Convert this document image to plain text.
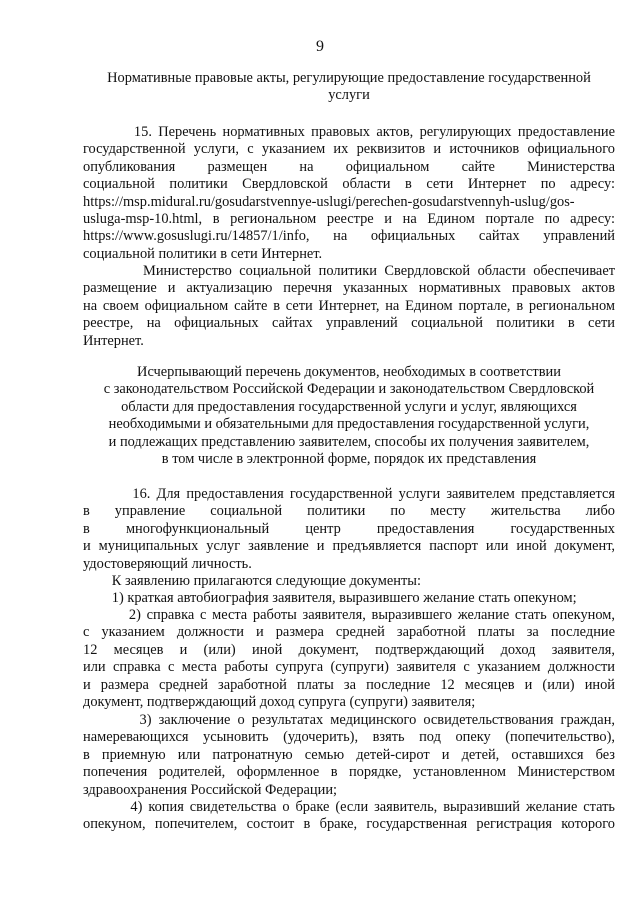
9
Нормативные правовые акты, регулирующие предоставление государственной
услуги
15. Перечень нормативных правовых актов, регулирующих предоставление
государственной услуги, с указанием их реквизитов и источников официального
опубликования размещен на официальном сайте Министерства
социальной политики Свердловской области в сети Интернет по адресу:
https://msp.midural.ru/gosudarstvennye-uslugi/perechen-gosudarstvennyh-uslug/gos-
usluga-msp-10.html, в региональном реестре и на Едином портале по адресу:
https://www.gosuslugi.ru/14857/1/info, на официальных сайтах управлений
социальной политики в сети Интернет.
Министерство социальной политики Свердловской области обеспечивает
размещение и актуализацию перечня указанных нормативных правовых актов
на своем официальном сайте в сети Интернет, на Едином портале, в региональном
реестре, на официальных сайтах управлений социальной политики в сети
Интернет.
Исчерпывающий перечень документов, необходимых в соответствии
с законодательством Российской Федерации и законодательством Свердловской
области для предоставления государственной услуги и услуг, являющихся
необходимыми и обязательными для предоставления государственной услуги,
и подлежащих представлению заявителем, способы их получения заявителем,
в том числе в электронной форме, порядок их представления
16. Для предоставления государственной услуги заявителем представляется
в управление социальной политики по месту жительства либо
в многофункциональный центр предоставления государственных
и муниципальных услуг заявление и предъявляется паспорт или иной документ,
удостоверяющий личность.
К заявлению прилагаются следующие документы:
1) краткая автобиография заявителя, выразившего желание стать опекуном;
2) справка с места работы заявителя, выразившего желание стать опекуном,
с указанием должности и размера средней заработной платы за последние
12 месяцев и (или) иной документ, подтверждающий доход заявителя,
или справка с места работы супруга (супруги) заявителя с указанием должности
и размера средней заработной платы за последние 12 месяцев и (или) иной
документ, подтверждающий доход супруга (супруги) заявителя;
3) заключение о результатах медицинского освидетельствования граждан,
намеревающихся усыновить (удочерить), взять под опеку (попечительство),
в приемную или патронатную семью детей-сирот и детей, оставшихся без
попечения родителей, оформленное в порядке, установленном Министерством
здравоохранения Российской Федерации;
4) копия свидетельства о браке (если заявитель, выразивший желание стать
опекуном, попечителем, состоит в браке, государственная регистрация которого
